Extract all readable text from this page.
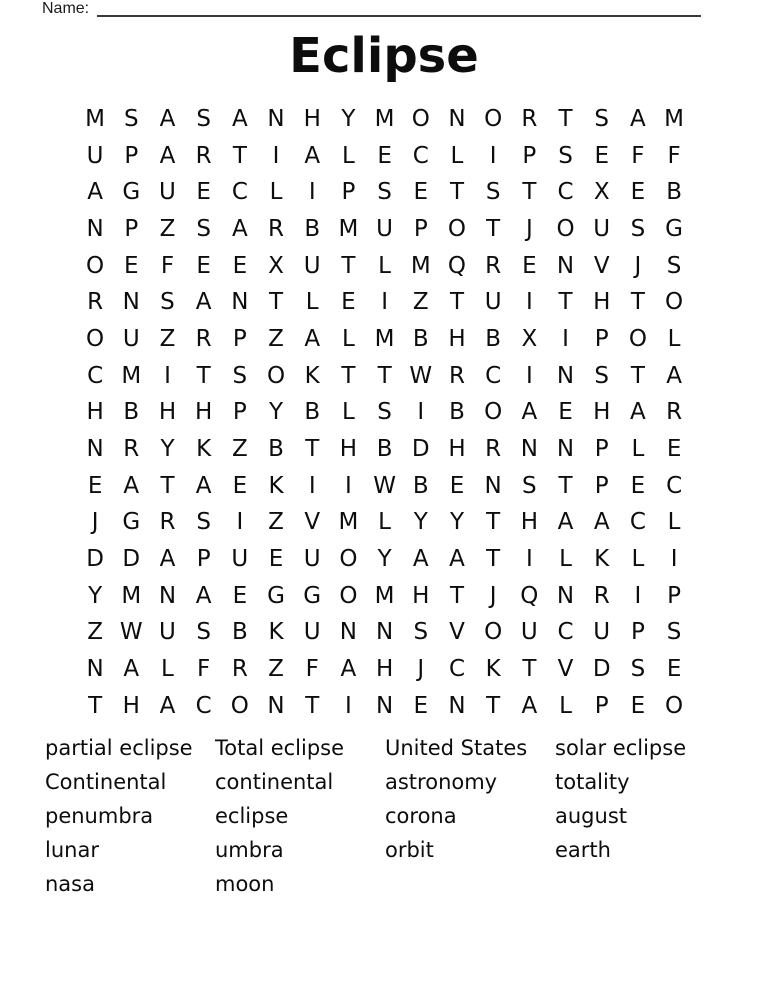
Name:
Eclipse
M S A S A N H Y M O N O R T S A M
U P A R T	I	A L E C L	I	P S E F F
A G U E C L	I	P S E T S T C X E B
N P Z S A R B M U P O T	J	O U S G
O E F E E X U T L M Q R E N V	J	S
R N S A N T L E	I	Z T U	I	T H T O
O U Z R P Z A L M B H B X	I	P O L
C M I	T S O K T T W R C	I	N S T A
H B H H P Y B L S	I	B O A E H A R
N R Y K Z B T H B D H R N N P L E
E A T A E K	I	I W B E N S T P E C
J	G R S	I	Z V M L Y Y T H A A C L
D D A P U E U O Y A A T	I	L K L	I
Y M N A E G G O M H T	J	Q N R	I	P
Z W U S B K U N N S V O U C U P S
N A L	F R Z F A H	J	C K T V D S E
T H A C O N T	I	N E N T A L P E O
partial eclipse
Continental
penumbra
lunar
nasa
Total eclipse
continental
eclipse
umbra
moon
United States
astronomy
corona
orbit
solar eclipse
totality
august
earth
